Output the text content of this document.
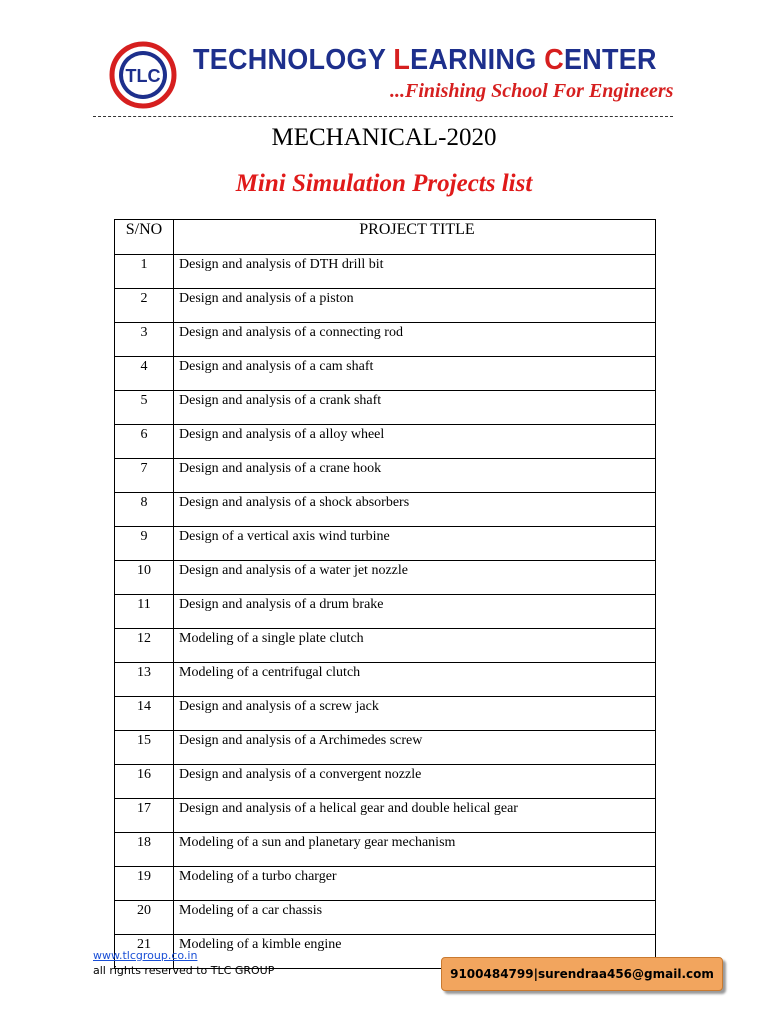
TLC TECHNOLOGY LEARNING CENTER
...Finishing School For Engineers
MECHANICAL-2020
Mini Simulation Projects list
S/NO	PROJECT TITLE
1	Design and analysis of DTH drill bit
2	Design and analysis of a piston
3	Design and analysis of a connecting rod
4	Design and analysis of a cam shaft
5	Design and analysis of a crank shaft
6	Design and analysis of a alloy wheel
7	Design and analysis of a crane hook
8	Design and analysis of a shock absorbers
9	Design of a vertical axis wind turbine
10	Design and analysis of a water jet nozzle
11	Design and analysis of a drum brake
12	Modeling of a single plate clutch
13	Modeling of a centrifugal clutch
14	Design and analysis of a screw jack
15	Design and analysis of a Archimedes screw
16	Design and analysis of a convergent nozzle
17	Design and analysis of a helical gear and double helical gear
18	Modeling of a sun and planetary gear mechanism
19	Modeling of a turbo charger
20	Modeling of a car chassis
21	Modeling of a kimble engine
www.tlcgroup.co.in
all rights reserved to TLC GROUP	9100484799|surendraa456@gmail.com
